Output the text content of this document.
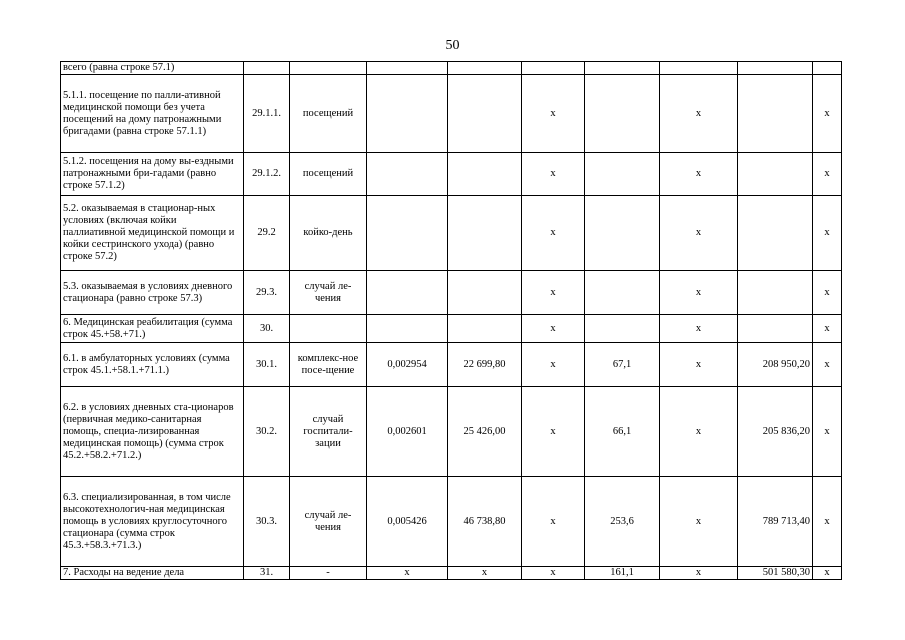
50
всего (равна строке 57.1)									
5.1.1. посещение по палли-ативной медицинской помощи без учета посещений на дому патронажными бригадами (равна строке 57.1.1)	29.1.1.	посещений			x		x		x
5.1.2. посещения на дому вы-ездными патронажными бри-гадами (равно строке 57.1.2)	29.1.2.	посещений			x		x		x
5.2. оказываемая в стационар-ных условиях (включая койки паллиативной медицинской помощи и койки сестринского ухода) (равно строке 57.2)	29.2	койко-день			x		x		x
5.3. оказываемая в условиях дневного стационара (равно строке 57.3)	29.3.	случай ле-чения			x		x		x
6. Медицинская реабилитация (сумма строк 45.+58.+71.)	30.				x		x		x
6.1. в амбулаторных условиях (сумма строк 45.1.+58.1.+71.1.)	30.1.	комплекс-ное посе-щение	0,002954	22 699,80	x	67,1	x	208 950,20	x
6.2. в условиях дневных ста-ционаров (первичная медико-санитарная помощь, специа-лизированная медицинская помощь) (сумма строк 45.2.+58.2.+71.2.)	30.2.	случай госпитали-зации	0,002601	25 426,00	x	66,1	x	205 836,20	x
6.3. специализированная, в том числе высокотехнологич-ная медицинская помощь в условиях круглосуточного стационара (сумма строк 45.3.+58.3.+71.3.)	30.3.	случай ле-чения	0,005426	46 738,80	x	253,6	x	789 713,40	x
7. Расходы на ведение дела	31.	-	x	x	x	161,1	x	501 580,30	x
